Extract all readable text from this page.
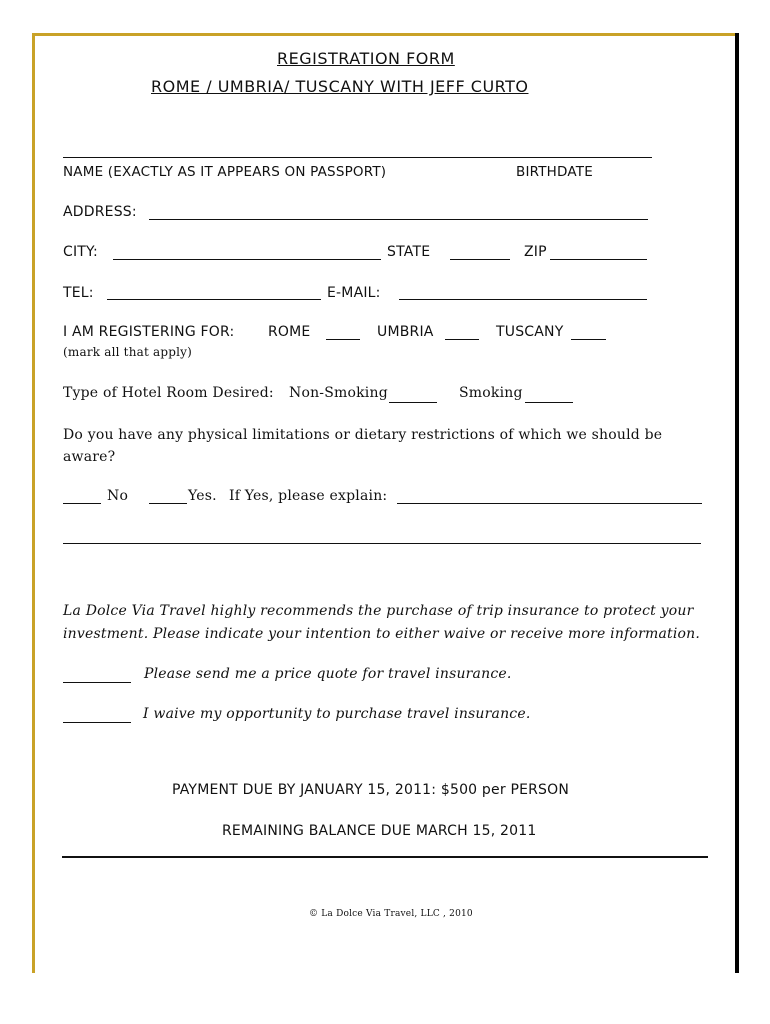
REGISTRATION FORM
ROME / UMBRIA/ TUSCANY WITH JEFF CURTO
NAME (EXACTLY AS IT APPEARS ON PASSPORT)	BIRTHDATE
ADDRESS:
CITY:	STATE	ZIP
TEL:	E-MAIL:
I AM REGISTERING FOR: ROME	UMBRIA	TUSCANY
(mark all that apply)
Type of Hotel Room Desired: Non-Smoking	Smoking
Do you have any physical limitations or dietary restrictions of which we should be
aware?
No	Yes. If Yes, please explain:
La Dolce Via Travel highly recommends the purchase of trip insurance to protect your
investment. Please indicate your intention to either waive or receive more information.
Please send me a price quote for travel insurance.
I waive my opportunity to purchase travel insurance.
PAYMENT DUE BY JANUARY 15, 2011: $500 per PERSON
REMAINING BALANCE DUE MARCH 15, 2011
© La Dolce Via Travel, LLC , 2010
